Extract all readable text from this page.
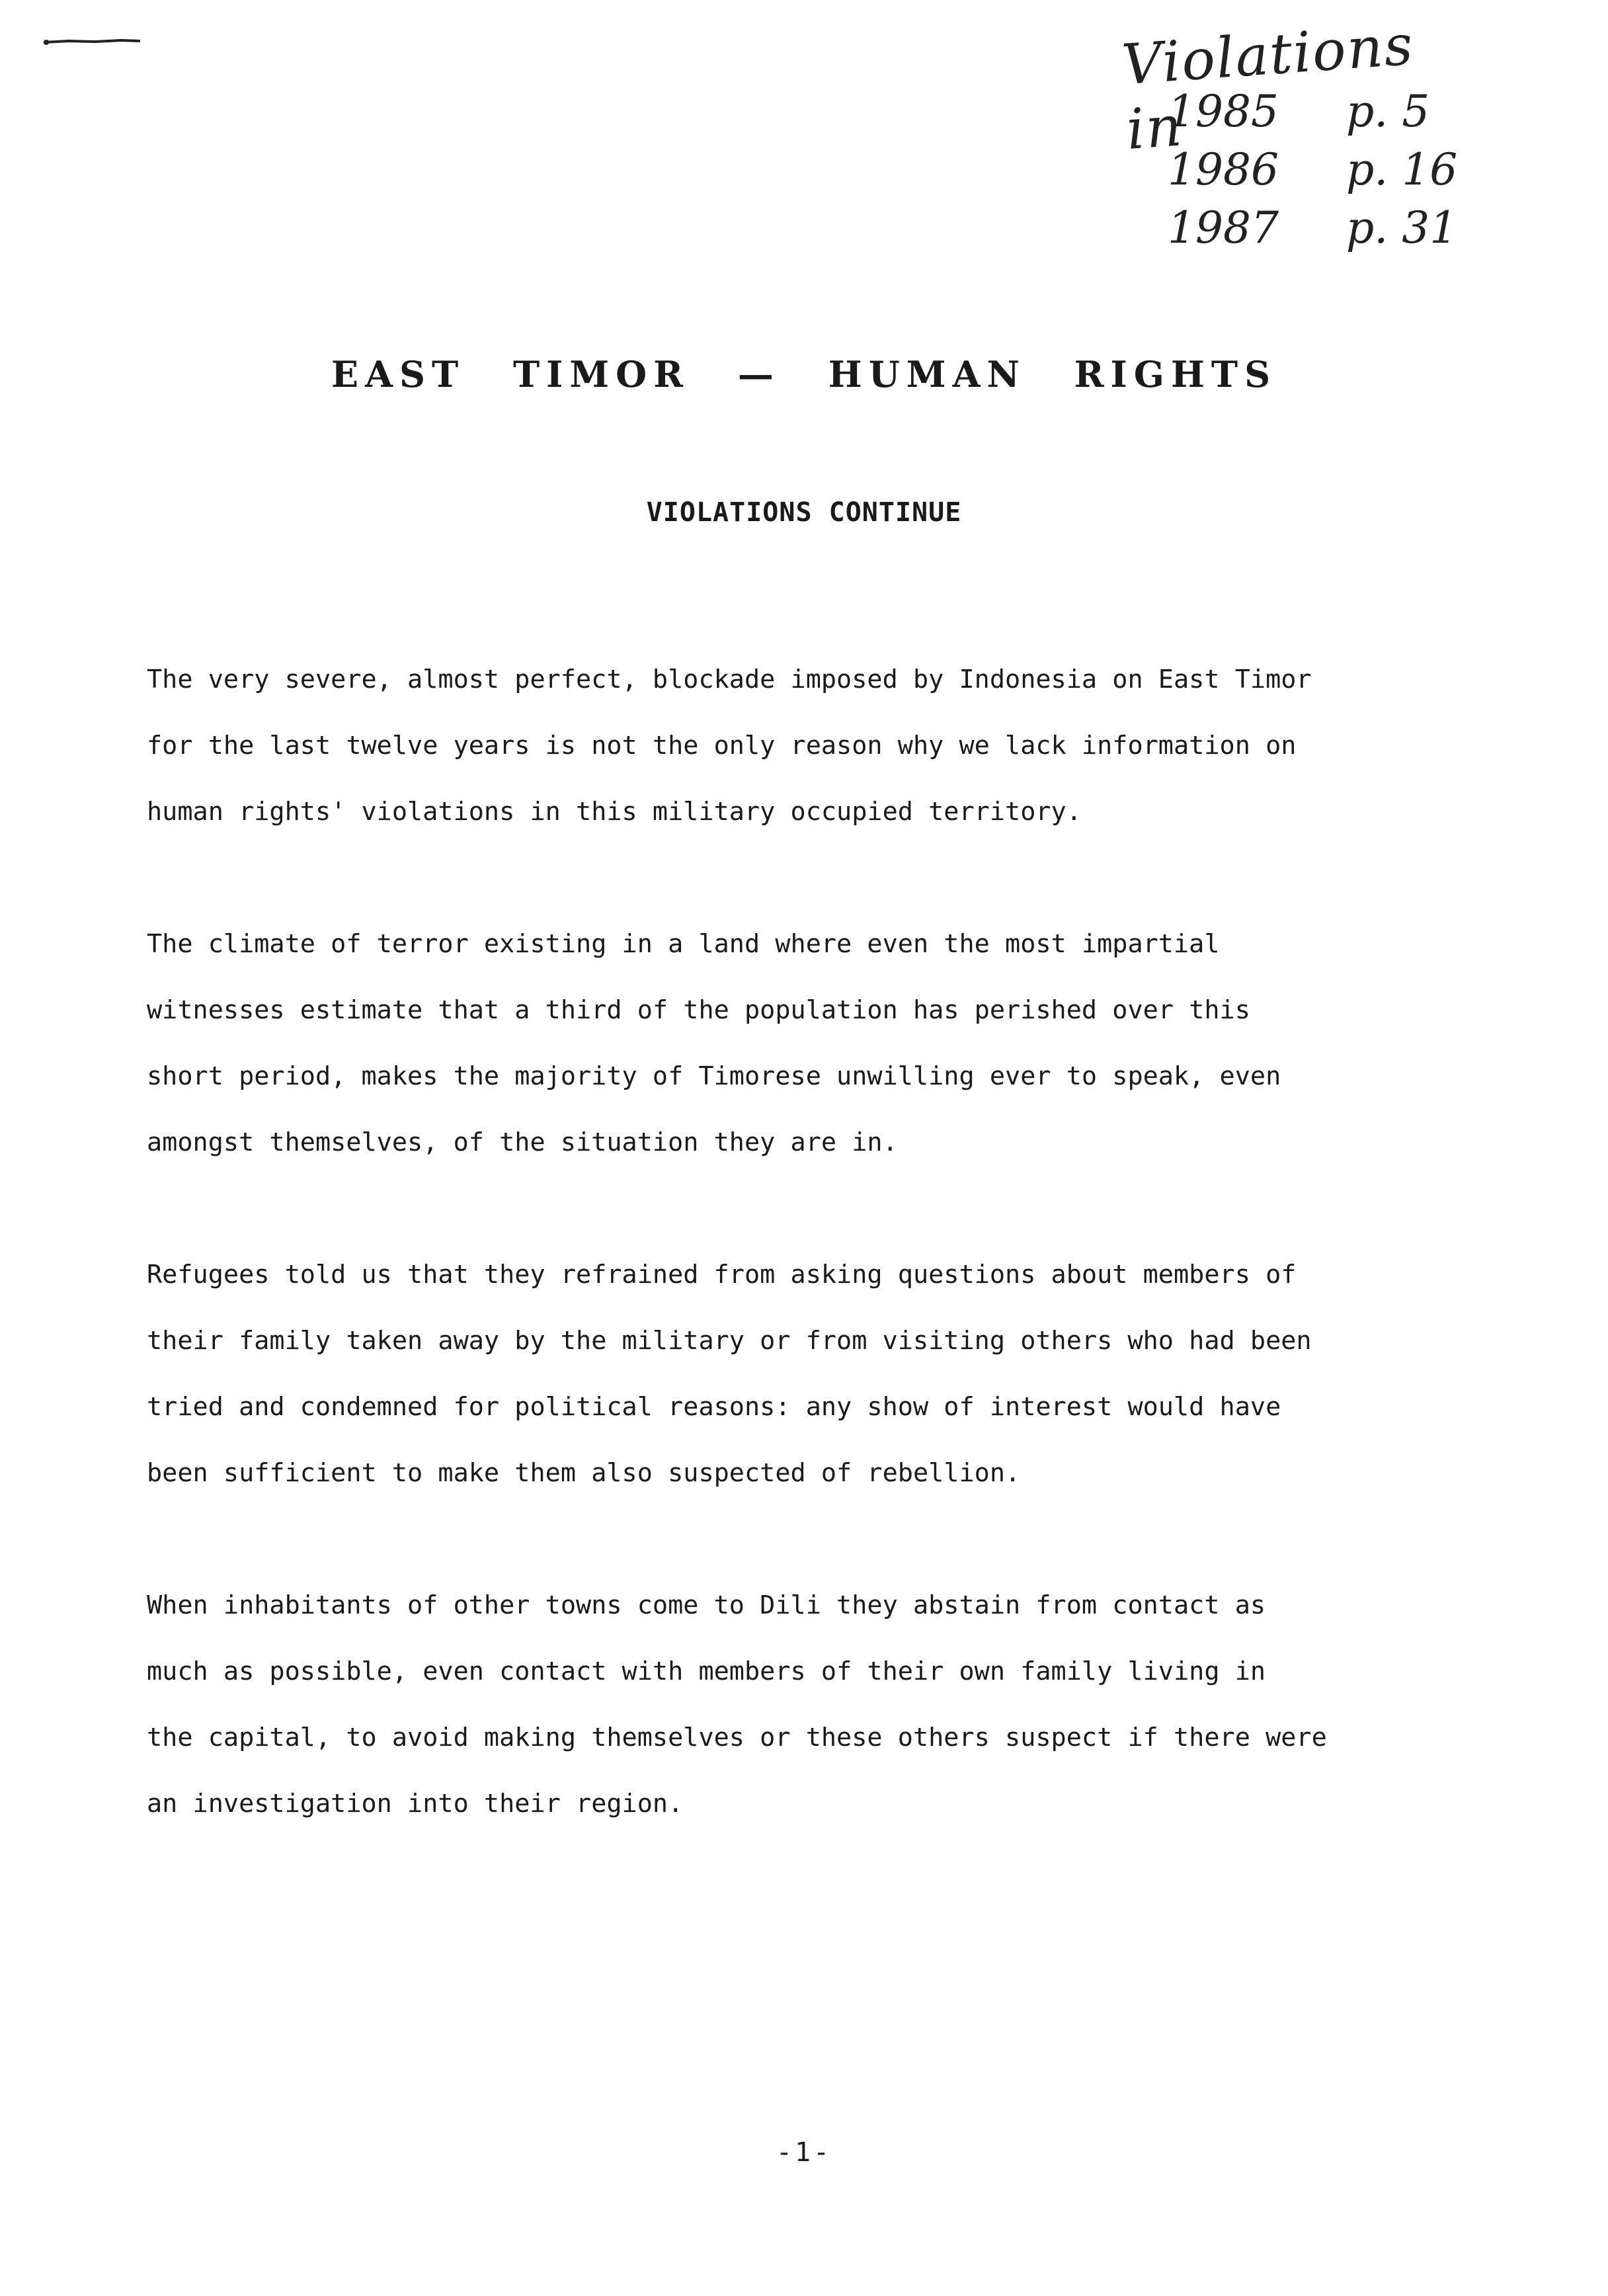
Violations in
1985 p. 5
1986 p. 16
1987 p. 31
EAST TIMOR — HUMAN RIGHTS
VIOLATIONS CONTINUE

The very severe, almost perfect, blockade imposed by Indonesia on East Timor
for the last twelve years is not the only reason why we lack information on
human rights' violations in this military occupied territory.

The climate of terror existing in a land where even the most impartial
witnesses estimate that a third of the population has perished over this
short period, makes the majority of Timorese unwilling ever to speak, even
amongst themselves, of the situation they are in.

Refugees told us that they refrained from asking questions about members of
their family taken away by the military or from visiting others who had been
tried and condemned for political reasons: any show of interest would have
been sufficient to make them also suspected of rebellion.

When inhabitants of other towns come to Dili they abstain from contact as
much as possible, even contact with members of their own family living in
the capital, to avoid making themselves or these others suspect if there were
an investigation into their region.

-1-
